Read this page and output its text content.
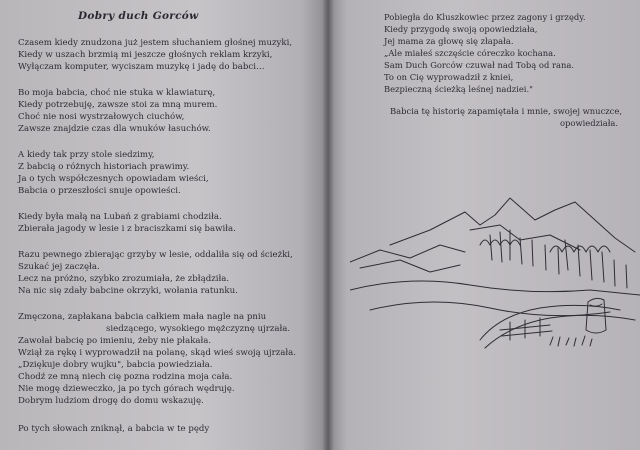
Dobry duch Gorców
Czasem kiedy znudzona już jestem słuchaniem głośnej muzyki,
Kiedy w uszach brzmią mi jeszcze głośnych reklam krzyki,
Wyłączam komputer, wyciszam muzykę i jadę do babci…
Bo moja babcia, choć nie stuka w klawiaturę,
Kiedy potrzebuję, zawsze stoi za mną murem.
Choć nie nosi wystrzałowych ciuchów,
Zawsze znajdzie czas dla wnuków łasuchów.
A kiedy tak przy stole siedzimy,
Z babcią o różnych historiach prawimy.
Ja o tych współczesnych opowiadam wieści,
Babcia o przeszłości snuje opowieści.
Kiedy była małą na Lubań z grabiami chodziła.
Zbierała jagody w lesie i z braciszkami się bawiła.
Razu pewnego zbierając grzyby w lesie, oddaliła się od ścieżki,
Szukać jej zaczęła.
Lecz na próżno, szybko zrozumiała, że zbłądziła.
Na nic się zdały babcine okrzyki, wołania ratunku.
Zmęczona, zapłakana babcia całkiem mała nagle na pniu
siedzącego, wysokiego mężczyznę ujrzała.
Zawołał babcię po imieniu, żeby nie płakała.
Wziął za rękę i wyprowadził na polanę, skąd wieś swoją ujrzała.
„Dziękuje dobry wujku", babcia powiedziała.
Chodź ze mną niech cię pozna rodzina moja cała.
Nie mogę dzieweczko, ja po tych górach wędruję.
Dobrym ludziom drogę do domu wskazuję.
Po tych słowach zniknął, a babcia w te pędy
Pobiegła do Kluszkowiec przez zagony i grzędy.
Kiedy przygodę swoją opowiedziała,
Jej mama za głowę się złapała.
„Ale miałeś szczęście córeczko kochana.
Sam Duch Gorców czuwał nad Tobą od rana.
To on Cię wyprowadził z kniei,
Bezpieczną ścieżką leśnej nadziei."
Babcia tę historię zapamiętała i mnie, swojej wnuczce,
opowiedziała.
